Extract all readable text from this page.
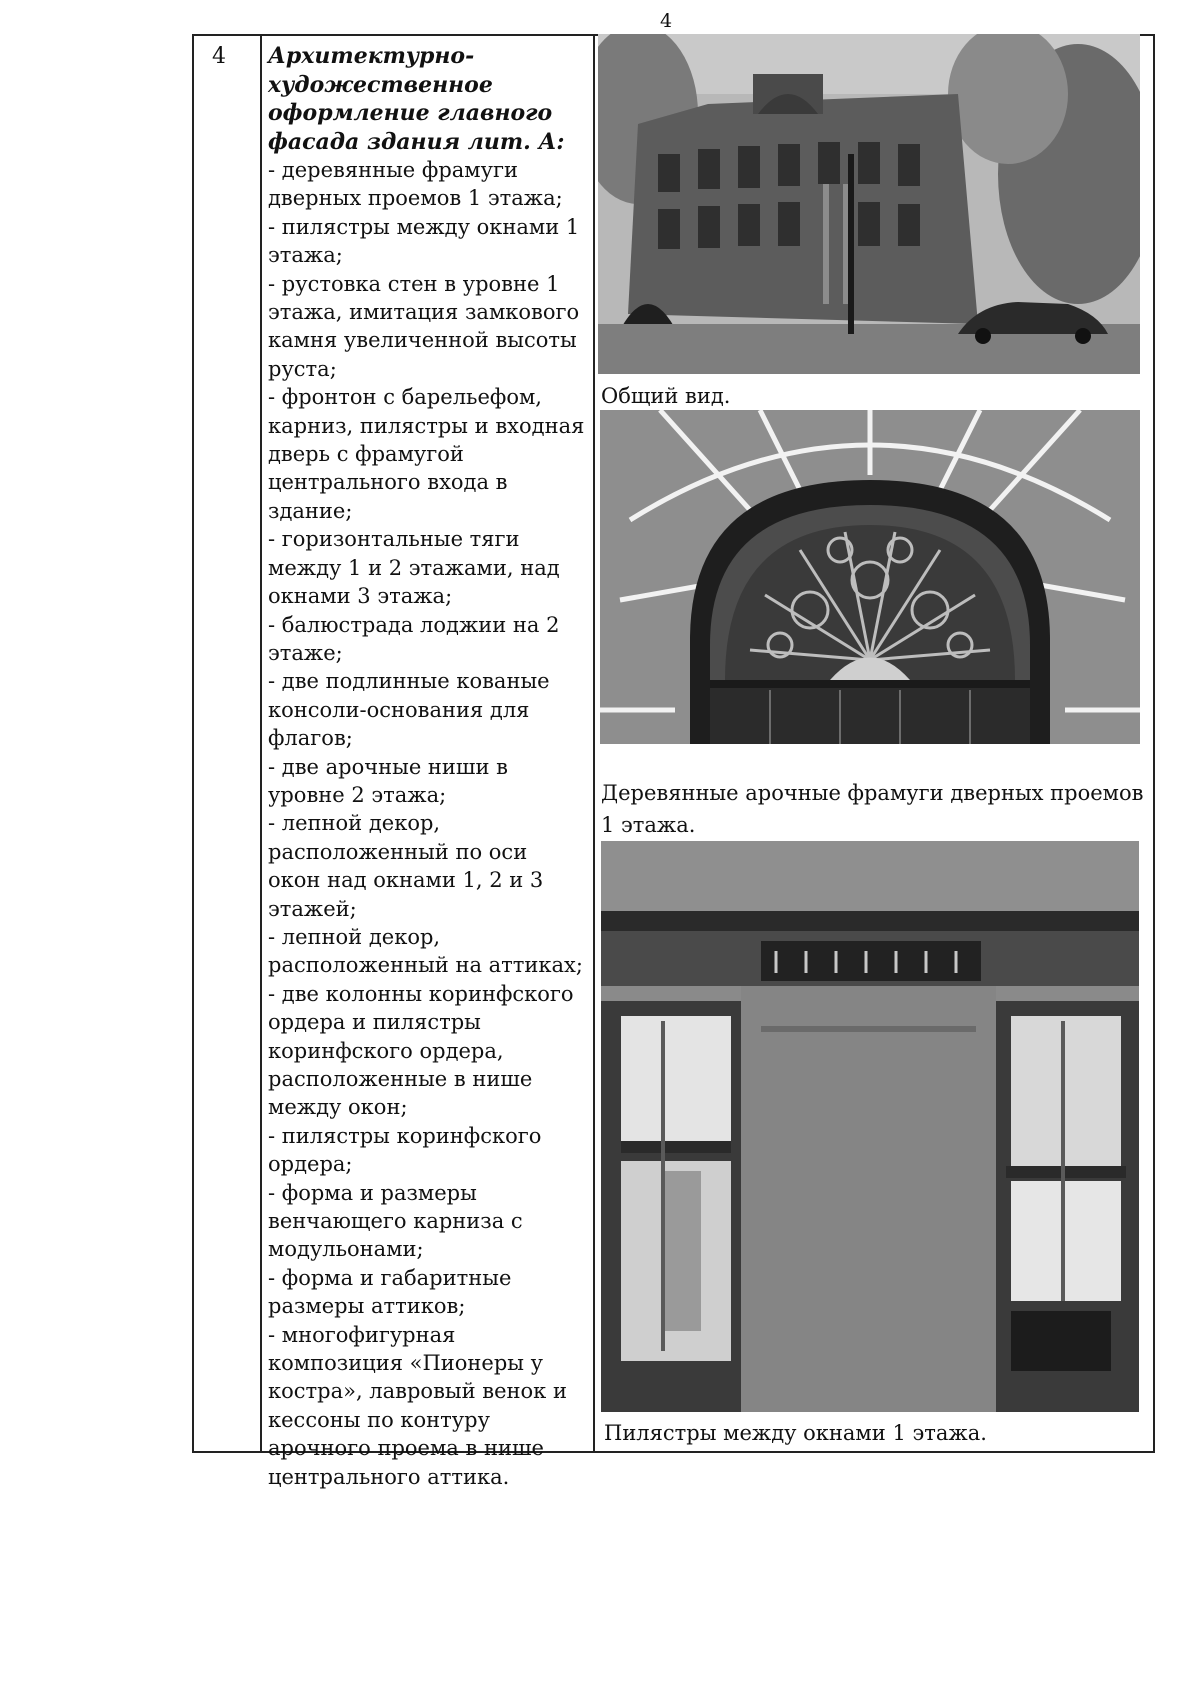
4
4 Архитектурно-художественное оформление главного фасада здания лит. А:
- деревянные фрамуги дверных проемов 1 этажа;
- пилястры между окнами 1 этажа;
- рустовка стен в уровне 1 этажа, имитация замкового камня увеличенной высоты руста;
- фронтон с барельефом, карниз, пилястры и входная дверь с фрамугой центрального входа в здание;
- горизонтальные тяги между 1 и 2 этажами, над окнами 3 этажа;
- балюстрада лоджии на 2 этаже;
- две подлинные кованые консоли-основания для флагов;
- две арочные ниши в уровне 2 этажа;
- лепной декор, расположенный по оси окон над окнами 1, 2 и 3 этажей;
- лепной декор, расположенный на аттиках;
- две колонны коринфского ордера и пилястры коринфского ордера, расположенные в нише между окон;
- пилястры коринфского ордера;
- форма и размеры венчающего карниза с модульонами;
- форма и габаритные размеры аттиков;
- многофигурная композиция «Пионеры у костра», лавровый венок и кессоны по контуру арочного проема в нише центрального аттика.
Общий вид.
Деревянные арочные фрамуги дверных проемов 1 этажа.
Пилястры между окнами 1 этажа.
